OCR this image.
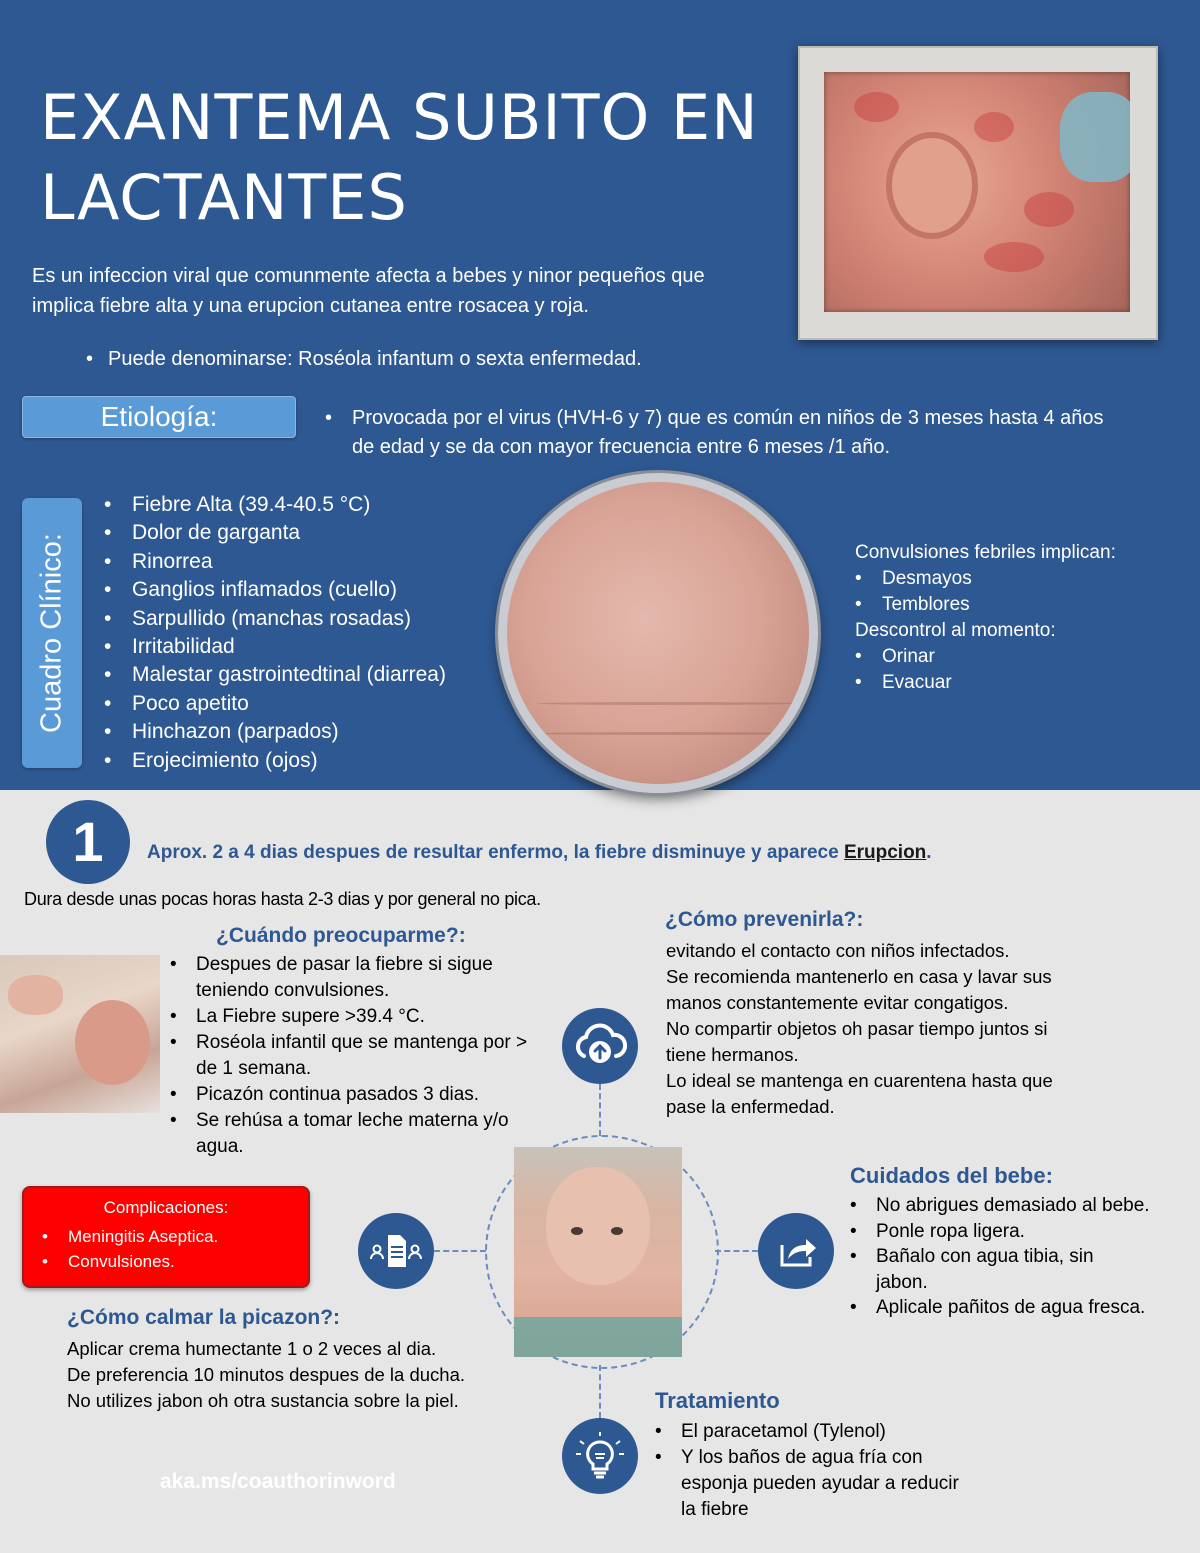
EXANTEMA SUBITO EN
LACTANTES
Es un infeccion viral que comunmente afecta a bebes y ninor pequeños que implica fiebre alta y una erupcion cutanea entre rosacea y roja.
• Puede denominarse: Roséola infantum o sexta enfermedad.
Etiología:	• Provocada por el virus (HVH-6 y 7) que es común en niños de 3 meses hasta 4 años de edad y se da con mayor frecuencia entre 6 meses /1 año.
Cuadro Clínico:
• Fiebre Alta (39.4-40.5 °C)
• Dolor de garganta
• Rinorrea
• Ganglios inflamados (cuello)
• Sarpullido (manchas rosadas)
• Irritabilidad
• Malestar gastrointedtinal (diarrea)
• Poco apetito
• Hinchazon (parpados)
• Erojecimiento (ojos)
Convulsiones febriles implican:
• Desmayos
• Temblores
Descontrol al momento:
• Orinar
• Evacuar
1	Aprox. 2 a 4 dias despues de resultar enfermo, la fiebre disminuye y aparece Erupcion.
Dura desde unas pocas horas hasta 2-3 dias y por general no pica.
¿Cuándo preocuparme?:
• Despues de pasar la fiebre si sigue teniendo convulsiones.
• La Fiebre supere >39.4 °C.
• Roséola infantil que se mantenga por > de 1 semana.
• Picazón continua pasados 3 dias.
• Se rehúsa a tomar leche materna y/o agua.
¿Cómo prevenirla?:
evitando el contacto con niños infectados.
Se recomienda mantenerlo en casa y lavar sus manos constantemente evitar congatigos.
No compartir objetos oh pasar tiempo juntos si tiene hermanos.
Lo ideal se mantenga en cuarentena hasta que pase la enfermedad.
Complicaciones:
• Meningitis Aseptica.
• Convulsiones.
¿Cómo calmar la picazon?:
Aplicar crema humectante 1 o 2 veces al dia.
De preferencia 10 minutos despues de la ducha.
No utilizes jabon oh otra sustancia sobre la piel.
aka.ms/coauthorinword
Cuidados del bebe:
• No abrigues demasiado al bebe.
• Ponle ropa ligera.
• Bañalo con agua tibia, sin jabon.
• Aplicale pañitos de agua fresca.
Tratamiento
• El paracetamol (Tylenol)
• Y los baños de agua fría con esponja pueden ayudar a reducir la fiebre
